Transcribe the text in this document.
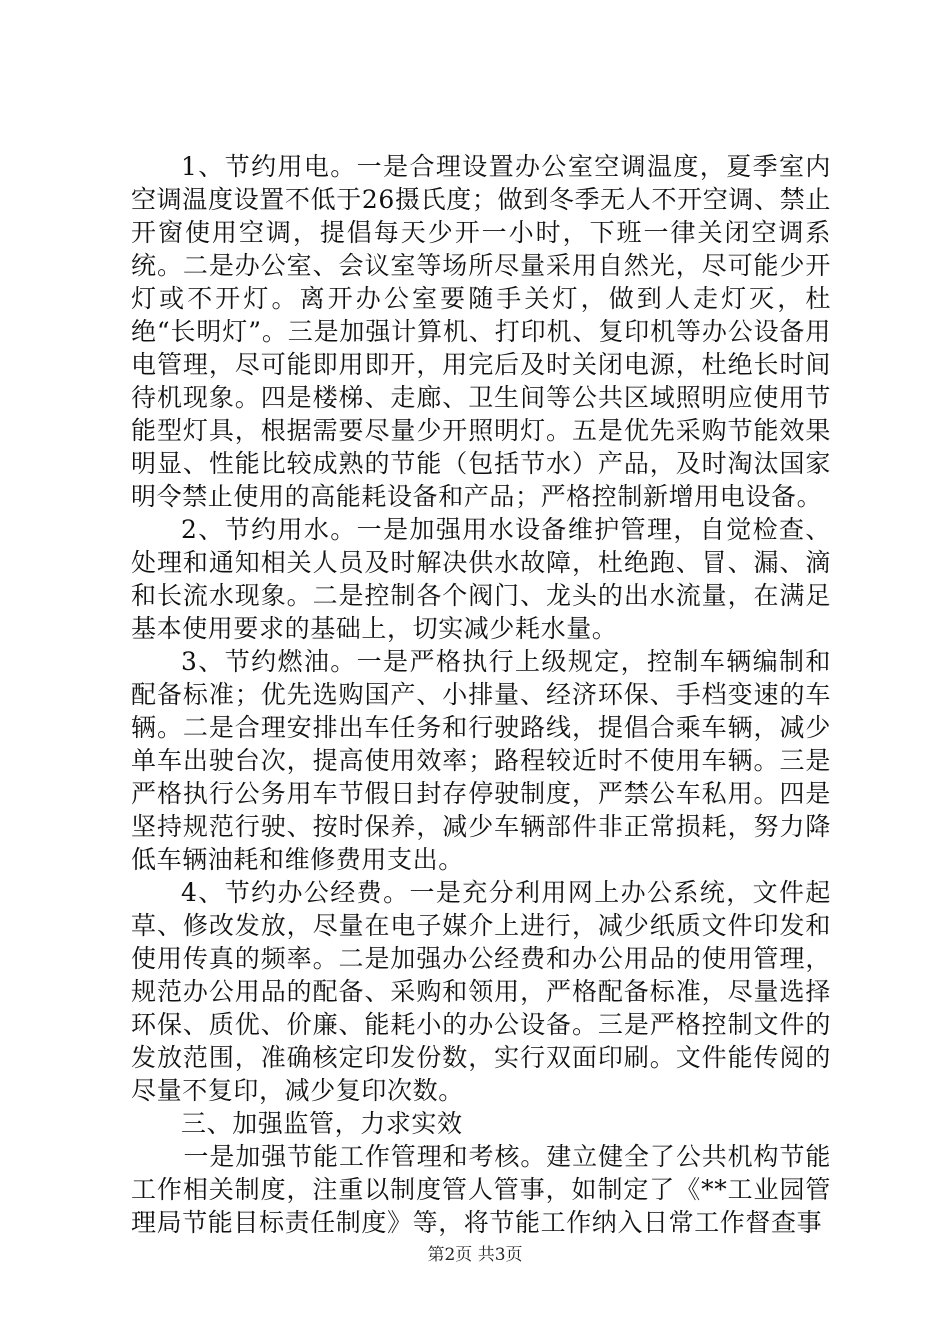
1、节约用电。一是合理设置办公室空调温度，夏季室内空调温度设置不低于26摄氏度；做到冬季无人不开空调、禁止开窗使用空调，提倡每天少开一小时，下班一律关闭空调系统。二是办公室、会议室等场所尽量采用自然光，尽可能少开灯或不开灯。离开办公室要随手关灯，做到人走灯灭，杜绝“长明灯”。三是加强计算机、打印机、复印机等办公设备用电管理，尽可能即用即开，用完后及时关闭电源，杜绝长时间待机现象。四是楼梯、走廊、卫生间等公共区域照明应使用节能型灯具，根据需要尽量少开照明灯。五是优先采购节能效果明显、性能比较成熟的节能（包括节水）产品，及时淘汰国家明令禁止使用的高能耗设备和产品；严格控制新增用电设备。

2、节约用水。一是加强用水设备维护管理，自觉检查、处理和通知相关人员及时解决供水故障，杜绝跑、冒、漏、滴和长流水现象。二是控制各个阀门、龙头的出水流量，在满足基本使用要求的基础上，切实减少耗水量。

3、节约燃油。一是严格执行上级规定，控制车辆编制和配备标准；优先选购国产、小排量、经济环保、手档变速的车辆。二是合理安排出车任务和行驶路线，提倡合乘车辆，减少单车出驶台次，提高使用效率；路程较近时不使用车辆。三是严格执行公务用车节假日封存停驶制度，严禁公车私用。四是坚持规范行驶、按时保养，减少车辆部件非正常损耗，努力降低车辆油耗和维修费用支出。

4、节约办公经费。一是充分利用网上办公系统，文件起草、修改发放，尽量在电子媒介上进行，减少纸质文件印发和使用传真的频率。二是加强办公经费和办公用品的使用管理，规范办公用品的配备、采购和领用，严格配备标准，尽量选择环保、质优、价廉、能耗小的办公设备。三是严格控制文件的发放范围，准确核定印发份数，实行双面印刷。文件能传阅的尽量不复印，减少复印次数。

三、加强监管，力求实效

一是加强节能工作管理和考核。建立健全了公共机构节能工作相关制度，注重以制度管人管事，如制定了《**工业园管理局节能目标责任制度》等，将节能工作纳入日常工作督查事

第2页 共3页
